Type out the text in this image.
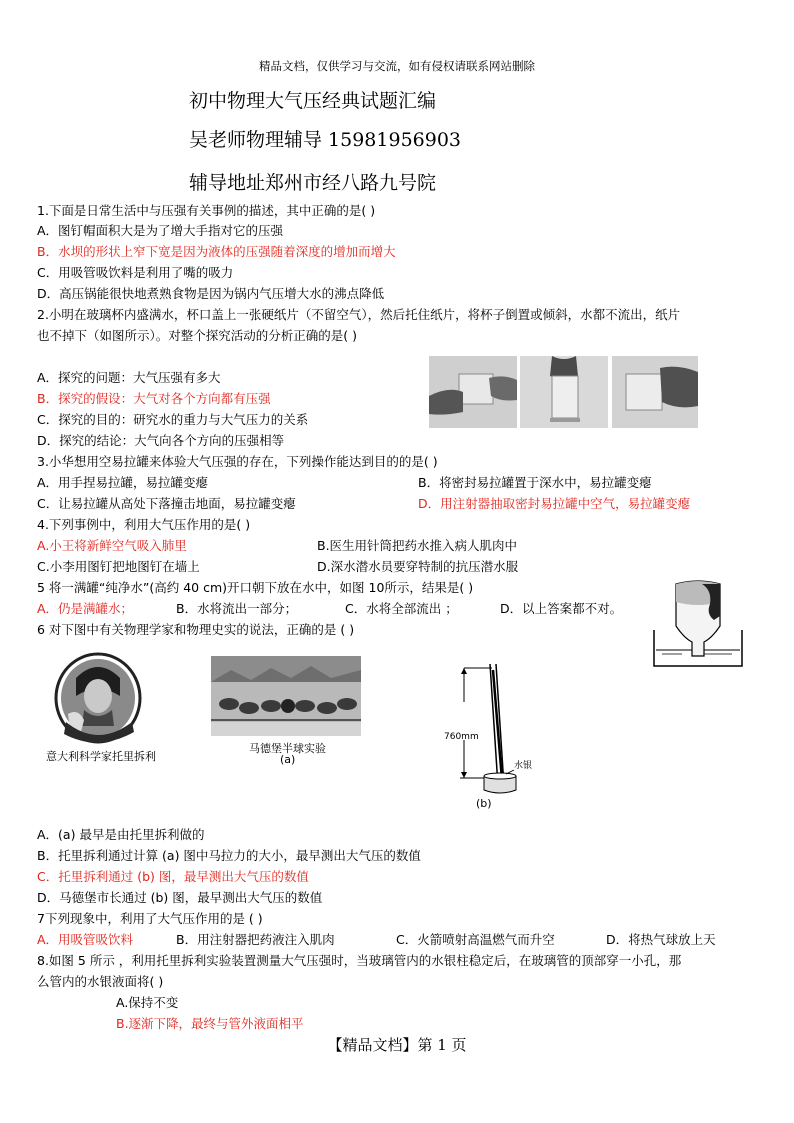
精品文档，仅供学习与交流，如有侵权请联系网站删除
初中物理大气压经典试题汇编
吴老师物理辅导 15981956903
辅导地址郑州市经八路九号院
1.下面是日常生活中与压强有关事例的描述，其中正确的是( )
A．图钉帽面积大是为了增大手指对它的压强
B．水坝的形状上窄下宽是因为液体的压强随着深度的增加而增大
C．用吸管吸饮料是利用了嘴的吸力
D．高压锅能很快地煮熟食物是因为锅内气压增大水的沸点降低
2.小明在玻璃杯内盛满水，杯口盖上一张硬纸片（不留空气），然后托住纸片，将杯子倒置或倾斜，水都不流出，纸片
也不掉下（如图所示）。对整个探究活动的分析正确的是( )
A．探究的问题：大气压强有多大
B．探究的假设：大气对各个方向都有压强
C．探究的目的：研究水的重力与大气压力的关系
D．探究的结论：大气向各个方向的压强相等
3.小华想用空易拉罐来体验大气压强的存在，下列操作能达到目的的是( )
A．用手捏易拉罐，易拉罐变瘪	B．将密封易拉罐置于深水中，易拉罐变瘪
C．让易拉罐从高处下落撞击地面，易拉罐变瘪	D．用注射器抽取密封易拉罐中空气，易拉罐变瘪
4.下列事例中，利用大气压作用的是( )
A.小王将新鲜空气吸入肺里	B.医生用针筒把药水推入病人肌肉中
C.小李用图钉把地图钉在墙上	D.深水潜水员要穿特制的抗压潜水服
5 将一满罐“纯净水”(高约 40 cm)开口朝下放在水中，如图 10所示，结果是( )
A．仍是满罐水；	B．水将流出一部分；	C．水将全部流出 ；	D．以上答案都不对。
6 对下图中有关物理学家和物理史实的说法，正确的是 ( )
意大利科学家托里拆利
马德堡半球实验
(a)
760mm
水银
(b)
A．(a) 最早是由托里拆利做的
B．托里拆利通过计算 (a) 图中马拉力的大小，最早测出大气压的数值
C．托里拆利通过 (b) 图，最早测出大气压的数值
D．马德堡市长通过 (b) 图，最早测出大气压的数值
7下列现象中，利用了大气压作用的是 ( )
A．用吸管吸饮料	B．用注射器把药液注入肌肉	C．火箭喷射高温燃气而升空	D．将热气球放上天
8.如图 5 所示 ，利用托里拆利实验装置测量大气压强时，当玻璃管内的水银柱稳定后，在玻璃管的顶部穿一小孔，那
么管内的水银液面将( )
A.保持不变
B.逐渐下降，最终与管外液面相平
【精品文档】第 1 页
